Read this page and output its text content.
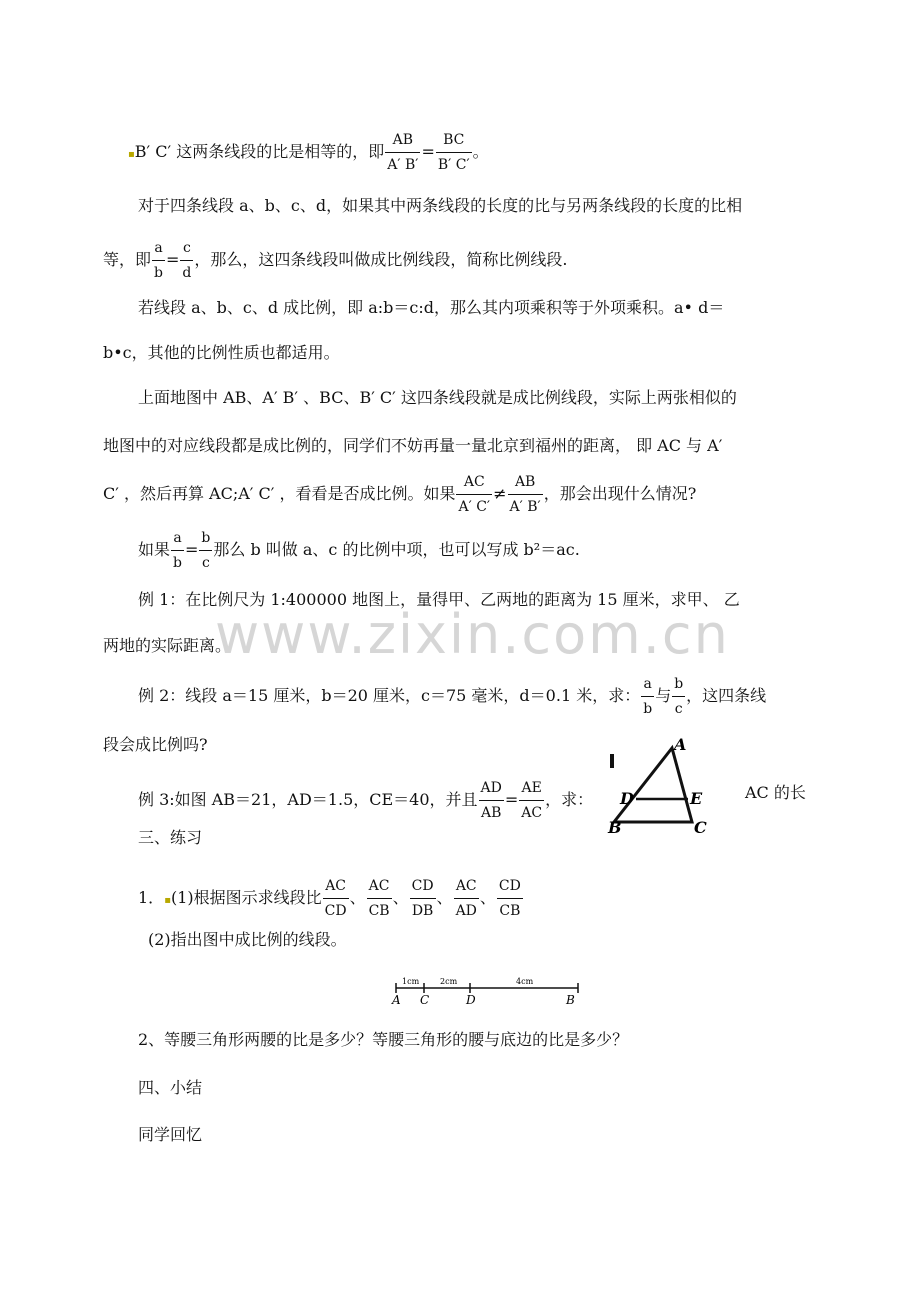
www.zixin.com.cn
▪B′ C′ 这两条线段的比是相等的，即 $\frac{AB}{A' B'} = \frac{BC}{B' C'}$ 。
对于四条线段 a、b、c、d，如果其中两条线段的长度的比与另两条线段的长度的比相
等，即 $\frac{a}{b} = \frac{c}{d}$ ，那么，这四条线段叫做成比例线段，简称比例线段.
若线段 a、b、c、d 成比例，即 a:b＝c:d，那么其内项乘积等于外项乘积。a• d＝
b•c，其他的比例性质也都适用。
上面地图中 AB、A′ B′ 、BC、B′ C′ 这四条线段就是成比例线段，实际上两张相似的
地图中的对应线段都是成比例的，同学们不妨再量一量北京到福州的距离， 即 AC 与 A′
C′ ，然后再算 AC;A′ C′ ，看看是否成比例。如果 $\frac{AC}{A' C'} \ne \frac{AB}{A' B'}$ ，那会出现什么情况?
如果 $\frac{a}{b} = \frac{b}{c}$ 那么 b 叫做 a、c 的比例中项，也可以写成 b²＝ac.
例 1：在比例尺为 1:400000 地图上，量得甲、乙两地的距离为 15 厘米，求甲、 乙
两地的实际距离。
例 2：线段 a＝15 厘米，b＝20 厘米，c＝75 毫米，d＝0.1 米，求： $\frac{a}{b}$ 与 $\frac{b}{c}$ ，这四条线
段会成比例吗?
例 3:如图 AB＝21，AD＝1.5，CE＝40，并且 $\frac{AD}{AB} = \frac{AE}{AC}$ ，求：	AC 的长
A
D	E
B	C
三、练习
1．▪(1)根据图示求线段比 $\frac{AC}{CD}$ 、 $\frac{AC}{CB}$ 、 $\frac{CD}{DB}$ 、 $\frac{AC}{AD}$ 、 $\frac{CD}{CB}$
(2)指出图中成比例的线段。
1cm	2cm	4cm
A C	D	B
2、等腰三角形两腰的比是多少？等腰三角形的腰与底边的比是多少？
四、小结
同学回忆
